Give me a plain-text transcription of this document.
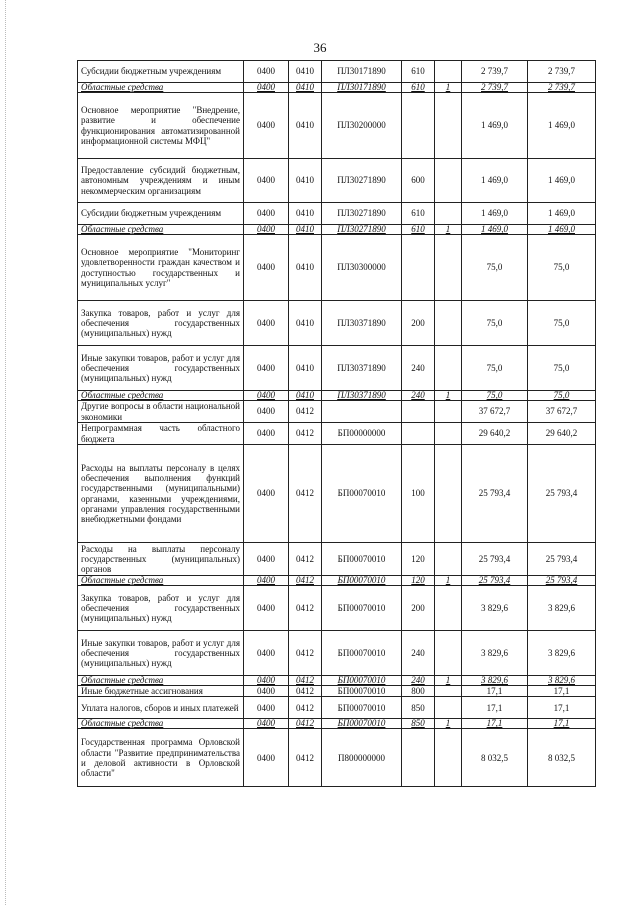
36
Субсидии бюджетным учреждениям	0400	0410	ПЛ30171890	610		2 739,7	2 739,7
Областные средства	0400	0410	ПЛ30171890	610	1	2 739,7	2 739,7
Основное мероприятие "Внедрение, развитие и обеспечение функционирования автоматизированной информационной системы МФЦ"	0400	0410	ПЛ30200000			1 469,0	1 469,0
Предоставление субсидий бюджетным, автономным учреждениям и иным некоммерческим организациям	0400	0410	ПЛ30271890	600		1 469,0	1 469,0
Субсидии бюджетным учреждениям	0400	0410	ПЛ30271890	610		1 469,0	1 469,0
Областные средства	0400	0410	ПЛ30271890	610	1	1 469,0	1 469,0
Основное мероприятие "Мониторинг удовлетворенности граждан качеством и доступностью государственных и муниципальных услуг"	0400	0410	ПЛ30300000			75,0	75,0
Закупка товаров, работ и услуг для обеспечения государственных (муниципальных) нужд	0400	0410	ПЛ30371890	200		75,0	75,0
Иные закупки товаров, работ и услуг для обеспечения государственных (муниципальных) нужд	0400	0410	ПЛ30371890	240		75,0	75,0
Областные средства	0400	0410	ПЛ30371890	240	1	75,0	75,0
Другие вопросы в области национальной экономики	0400	0412				37 672,7	37 672,7
Непрограммная часть областного бюджета	0400	0412	БП00000000			29 640,2	29 640,2
Расходы на выплаты персоналу в целях обеспечения выполнения функций государственными (муниципальными) органами, казенными учреждениями, органами управления государственными внебюджетными фондами	0400	0412	БП00070010	100		25 793,4	25 793,4
Расходы на выплаты персоналу государственных (муниципальных) органов	0400	0412	БП00070010	120		25 793,4	25 793,4
Областные средства	0400	0412	БП00070010	120	1	25 793,4	25 793,4
Закупка товаров, работ и услуг для обеспечения государственных (муниципальных) нужд	0400	0412	БП00070010	200		3 829,6	3 829,6
Иные закупки товаров, работ и услуг для обеспечения государственных (муниципальных) нужд	0400	0412	БП00070010	240		3 829,6	3 829,6
Областные средства	0400	0412	БП00070010	240	1	3 829,6	3 829,6
Иные бюджетные ассигнования	0400	0412	БП00070010	800		17,1	17,1
Уплата налогов, сборов и иных платежей	0400	0412	БП00070010	850		17,1	17,1
Областные средства	0400	0412	БП00070010	850	1	17,1	17,1
Государственная программа Орловской области "Развитие предпринимательства и деловой активности в Орловской области"	0400	0412	П800000000			8 032,5	8 032,5
